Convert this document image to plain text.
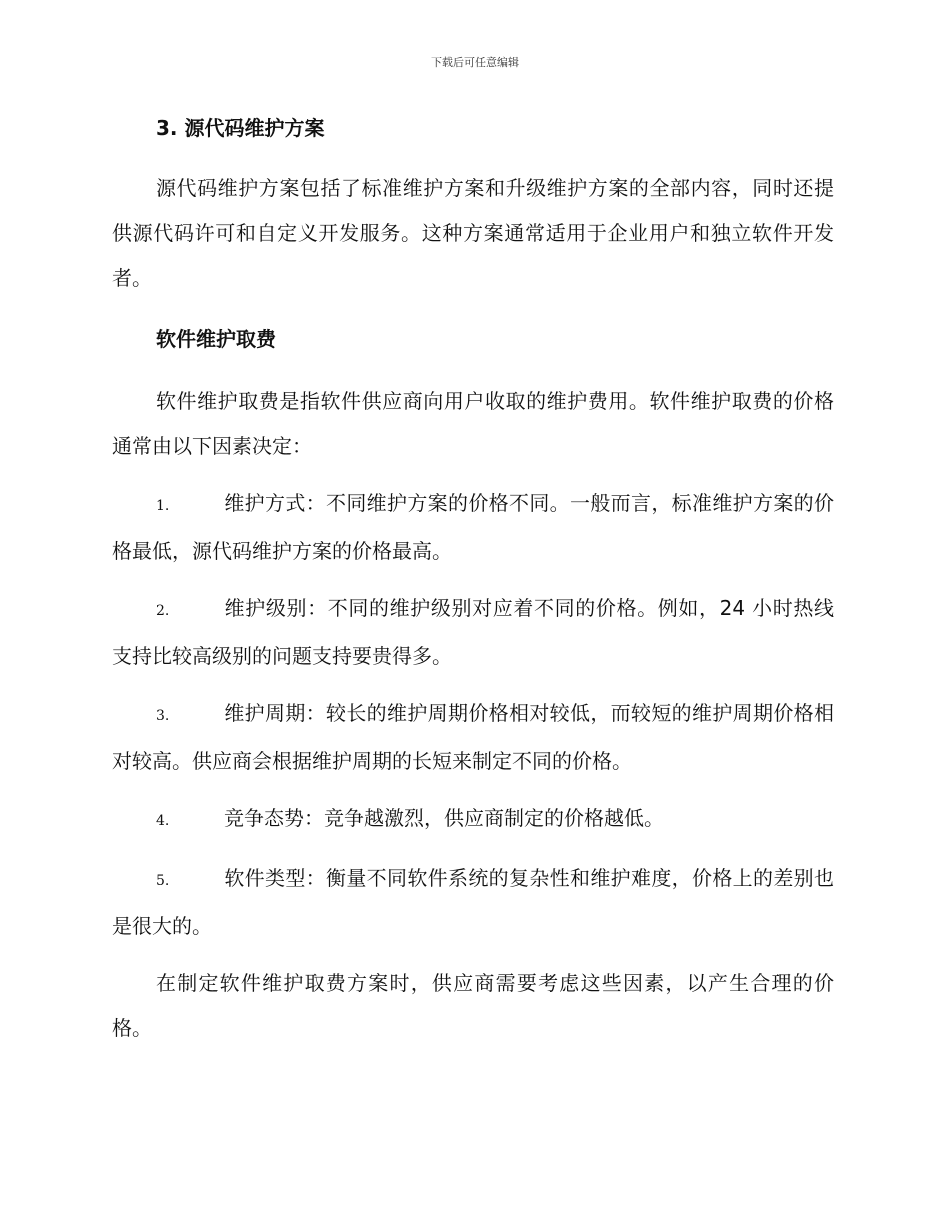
下载后可任意编辑
3. 源代码维护方案

源代码维护方案包括了标准维护方案和升级维护方案的全部内容，同时还提供源代码许可和自定义开发服务。这种方案通常适用于企业用户和独立软件开发者。

软件维护取费

软件维护取费是指软件供应商向用户收取的维护费用。软件维护取费的价格通常由以下因素决定：

1.	维护方式：不同维护方案的价格不同。一般而言，标准维护方案的价格最低，源代码维护方案的价格最高。
2.	维护级别：不同的维护级别对应着不同的价格。例如，24 小时热线支持比较高级别的问题支持要贵得多。
3.	维护周期：较长的维护周期价格相对较低，而较短的维护周期价格相对较高。供应商会根据维护周期的长短来制定不同的价格。
4.	竞争态势：竞争越激烈，供应商制定的价格越低。
5.	软件类型：衡量不同软件系统的复杂性和维护难度，价格上的差别也是很大的。

在制定软件维护取费方案时，供应商需要考虑这些因素，以产生合理的价格。
